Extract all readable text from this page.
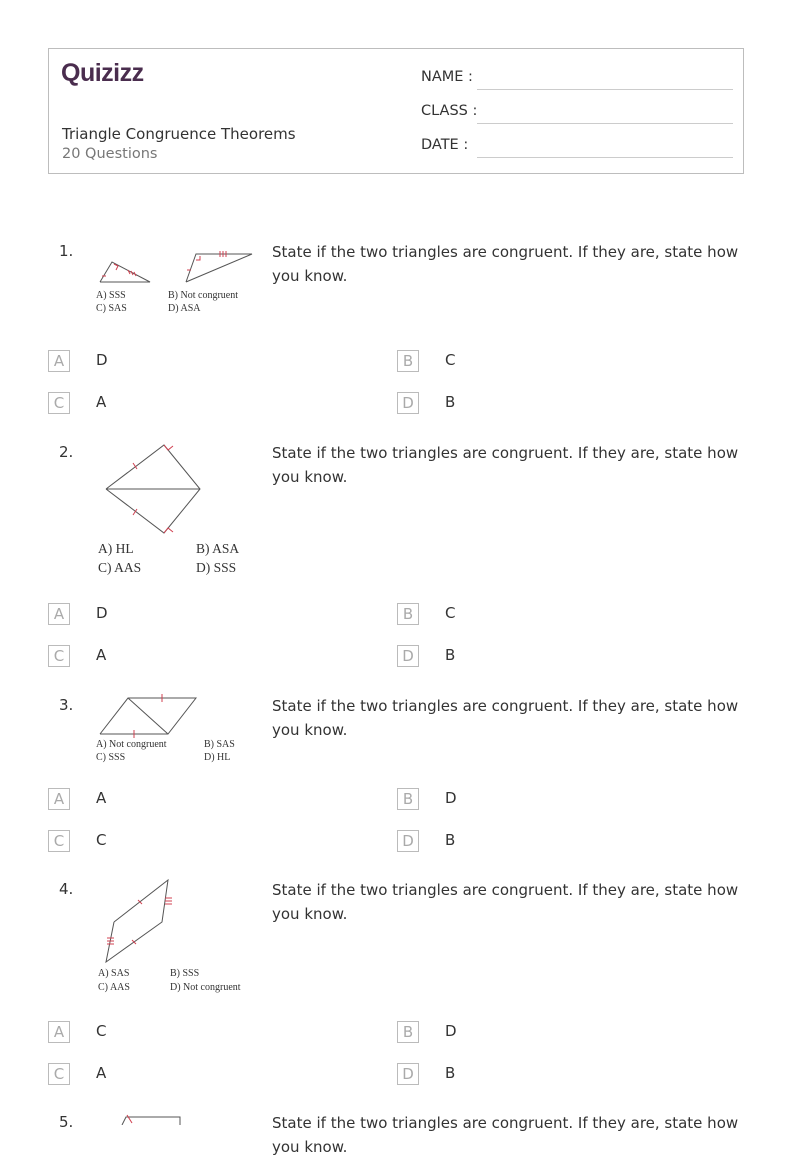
Quizizz
Triangle Congruence Theorems
20 Questions
NAME :
CLASS :
DATE :
1.
A) SSS	B) Not congruent
C) SAS	D) ASA
State if the two triangles are congruent. If they are, state how you know.
A	D	B	C
C	A	D	B
2.
A) HL	B) ASA
C) AAS	D) SSS
State if the two triangles are congruent. If they are, state how you know.
A	D	B	C
C	A	D	B
3.
A) Not congruent	B) SAS
C) SSS	D) HL
State if the two triangles are congruent. If they are, state how you know.
A	A	B	D
C	C	D	B
4.
A) SAS	B) SSS
C) AAS	D) Not congruent
State if the two triangles are congruent. If they are, state how you know.
A	C	B	D
C	A	D	B
5.	State if the two triangles are congruent. If they are, state how you know.
